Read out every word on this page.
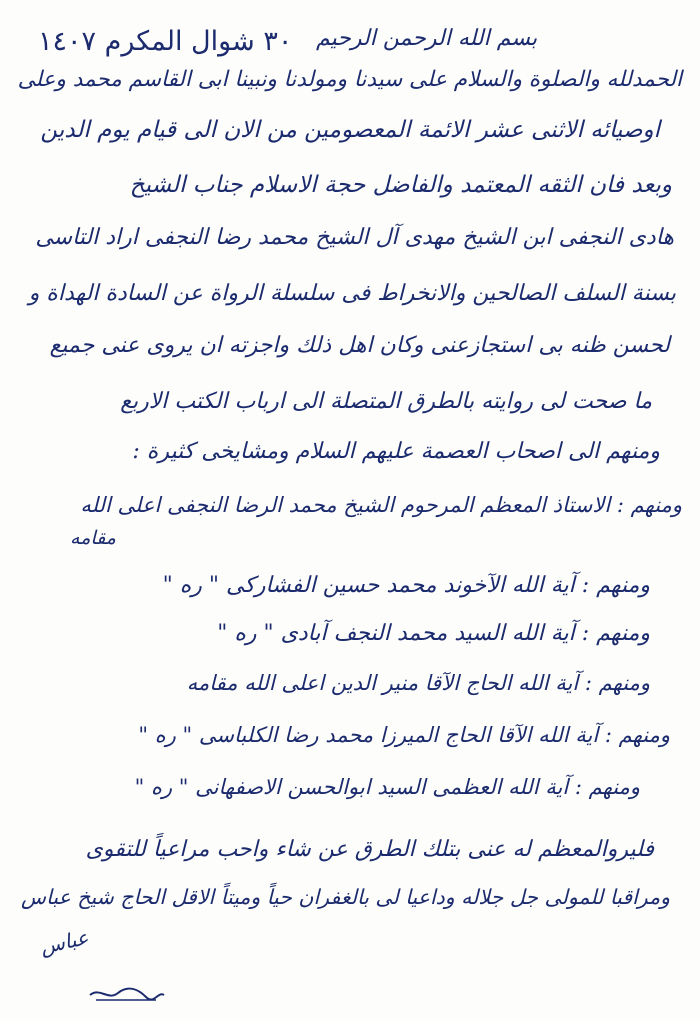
٣٠ شوال المكرم ١٤٠٧ بسم الله الرحمن الرحيم
الحمدلله والصلوة والسلام على سيدنا ومولدنا ونبينا ابى القاسم محمد وعلى
اوصيائه الاثنى عشر الائمة المعصومين من الان الى قيام يوم الدين
وبعد فان الثقه المعتمد والفاضل حجة الاسلام جناب الشيخ
هادى النجفى ابن الشيخ مهدى آل الشيخ محمد رضا النجفى اراد التاسى
بسنة السلف الصالحين والانخراط فى سلسلة الرواة عن السادة الهداة و
لحسن ظنه بى استجازعنى وكان اهل ذلك واجزته ان يروى عنى جميع
ما صحت لى روايته بالطرق المتصلة الى ارباب الكتب الاربع
ومنهم الى اصحاب العصمة عليهم السلام ومشايخى كثيرة :
ومنهم : الاستاذ المعظم المرحوم الشيخ محمد الرضا النجفى اعلى الله
مقامه
ومنهم : آية الله الآخوند محمد حسين الفشاركى " ره "
ومنهم : آية الله السيد محمد النجف آبادى " ره "
ومنهم : آية الله الحاج الآقا منير الدين اعلى الله مقامه
ومنهم : آية الله الآقا الحاج الميرزا محمد رضا الكلباسى " ره "
ومنهم : آية الله العظمى السيد ابوالحسن الاصفهانى " ره "
فليروالمعظم له عنى بتلك الطرق عن شاء واحب مراعياً للتقوى
ومراقبا للمولى جل جلاله وداعيا لى بالغفران حياً وميتاً الاقل الحاج شيخ عباس
عباس
